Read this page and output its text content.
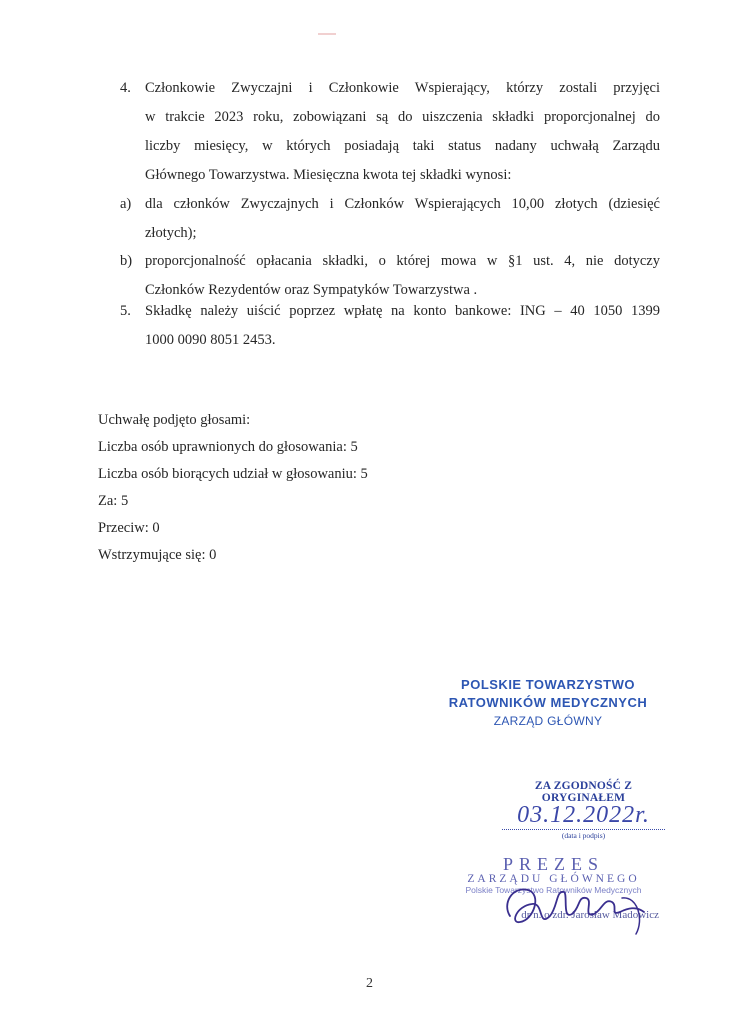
4. Członkowie Zwyczajni i Członkowie Wspierający, którzy zostali przyjęci
w trakcie 2023 roku, zobowiązani są do uiszczenia składki proporcjonalnej do
liczby miesięcy, w których posiadają taki status nadany uchwałą Zarządu
Głównego Towarzystwa. Miesięczna kwota tej składki wynosi:
a) dla członków Zwyczajnych i Członków Wspierających 10,00 złotych (dziesięć
złotych);
b) proporcjonalność opłacania składki, o której mowa w §1 ust. 4, nie dotyczy
Członków Rezydentów oraz Sympatyków Towarzystwa .
5. Składkę należy uiścić poprzez wpłatę na konto bankowe: ING – 40 1050 1399
1000 0090 8051 2453.
Uchwałę podjęto głosami:
Liczba osób uprawnionych do głosowania: 5
Liczba osób biorących udział w głosowaniu: 5
Za: 5
Przeciw: 0
Wstrzymujące się: 0
POLSKIE TOWARZYSTWO
RATOWNIKÓW MEDYCZNYCH
ZARZĄD GŁÓWNY
ZA ZGODNOŚĆ Z ORYGINAŁEM
03.12.2022r.
(data i podpis)
PREZES
ZARZĄDU GŁÓWNEGO
Polskie Towarzystwo Ratowników Medycznych
dr n. o zdr. Jarosław Madowicz
2
